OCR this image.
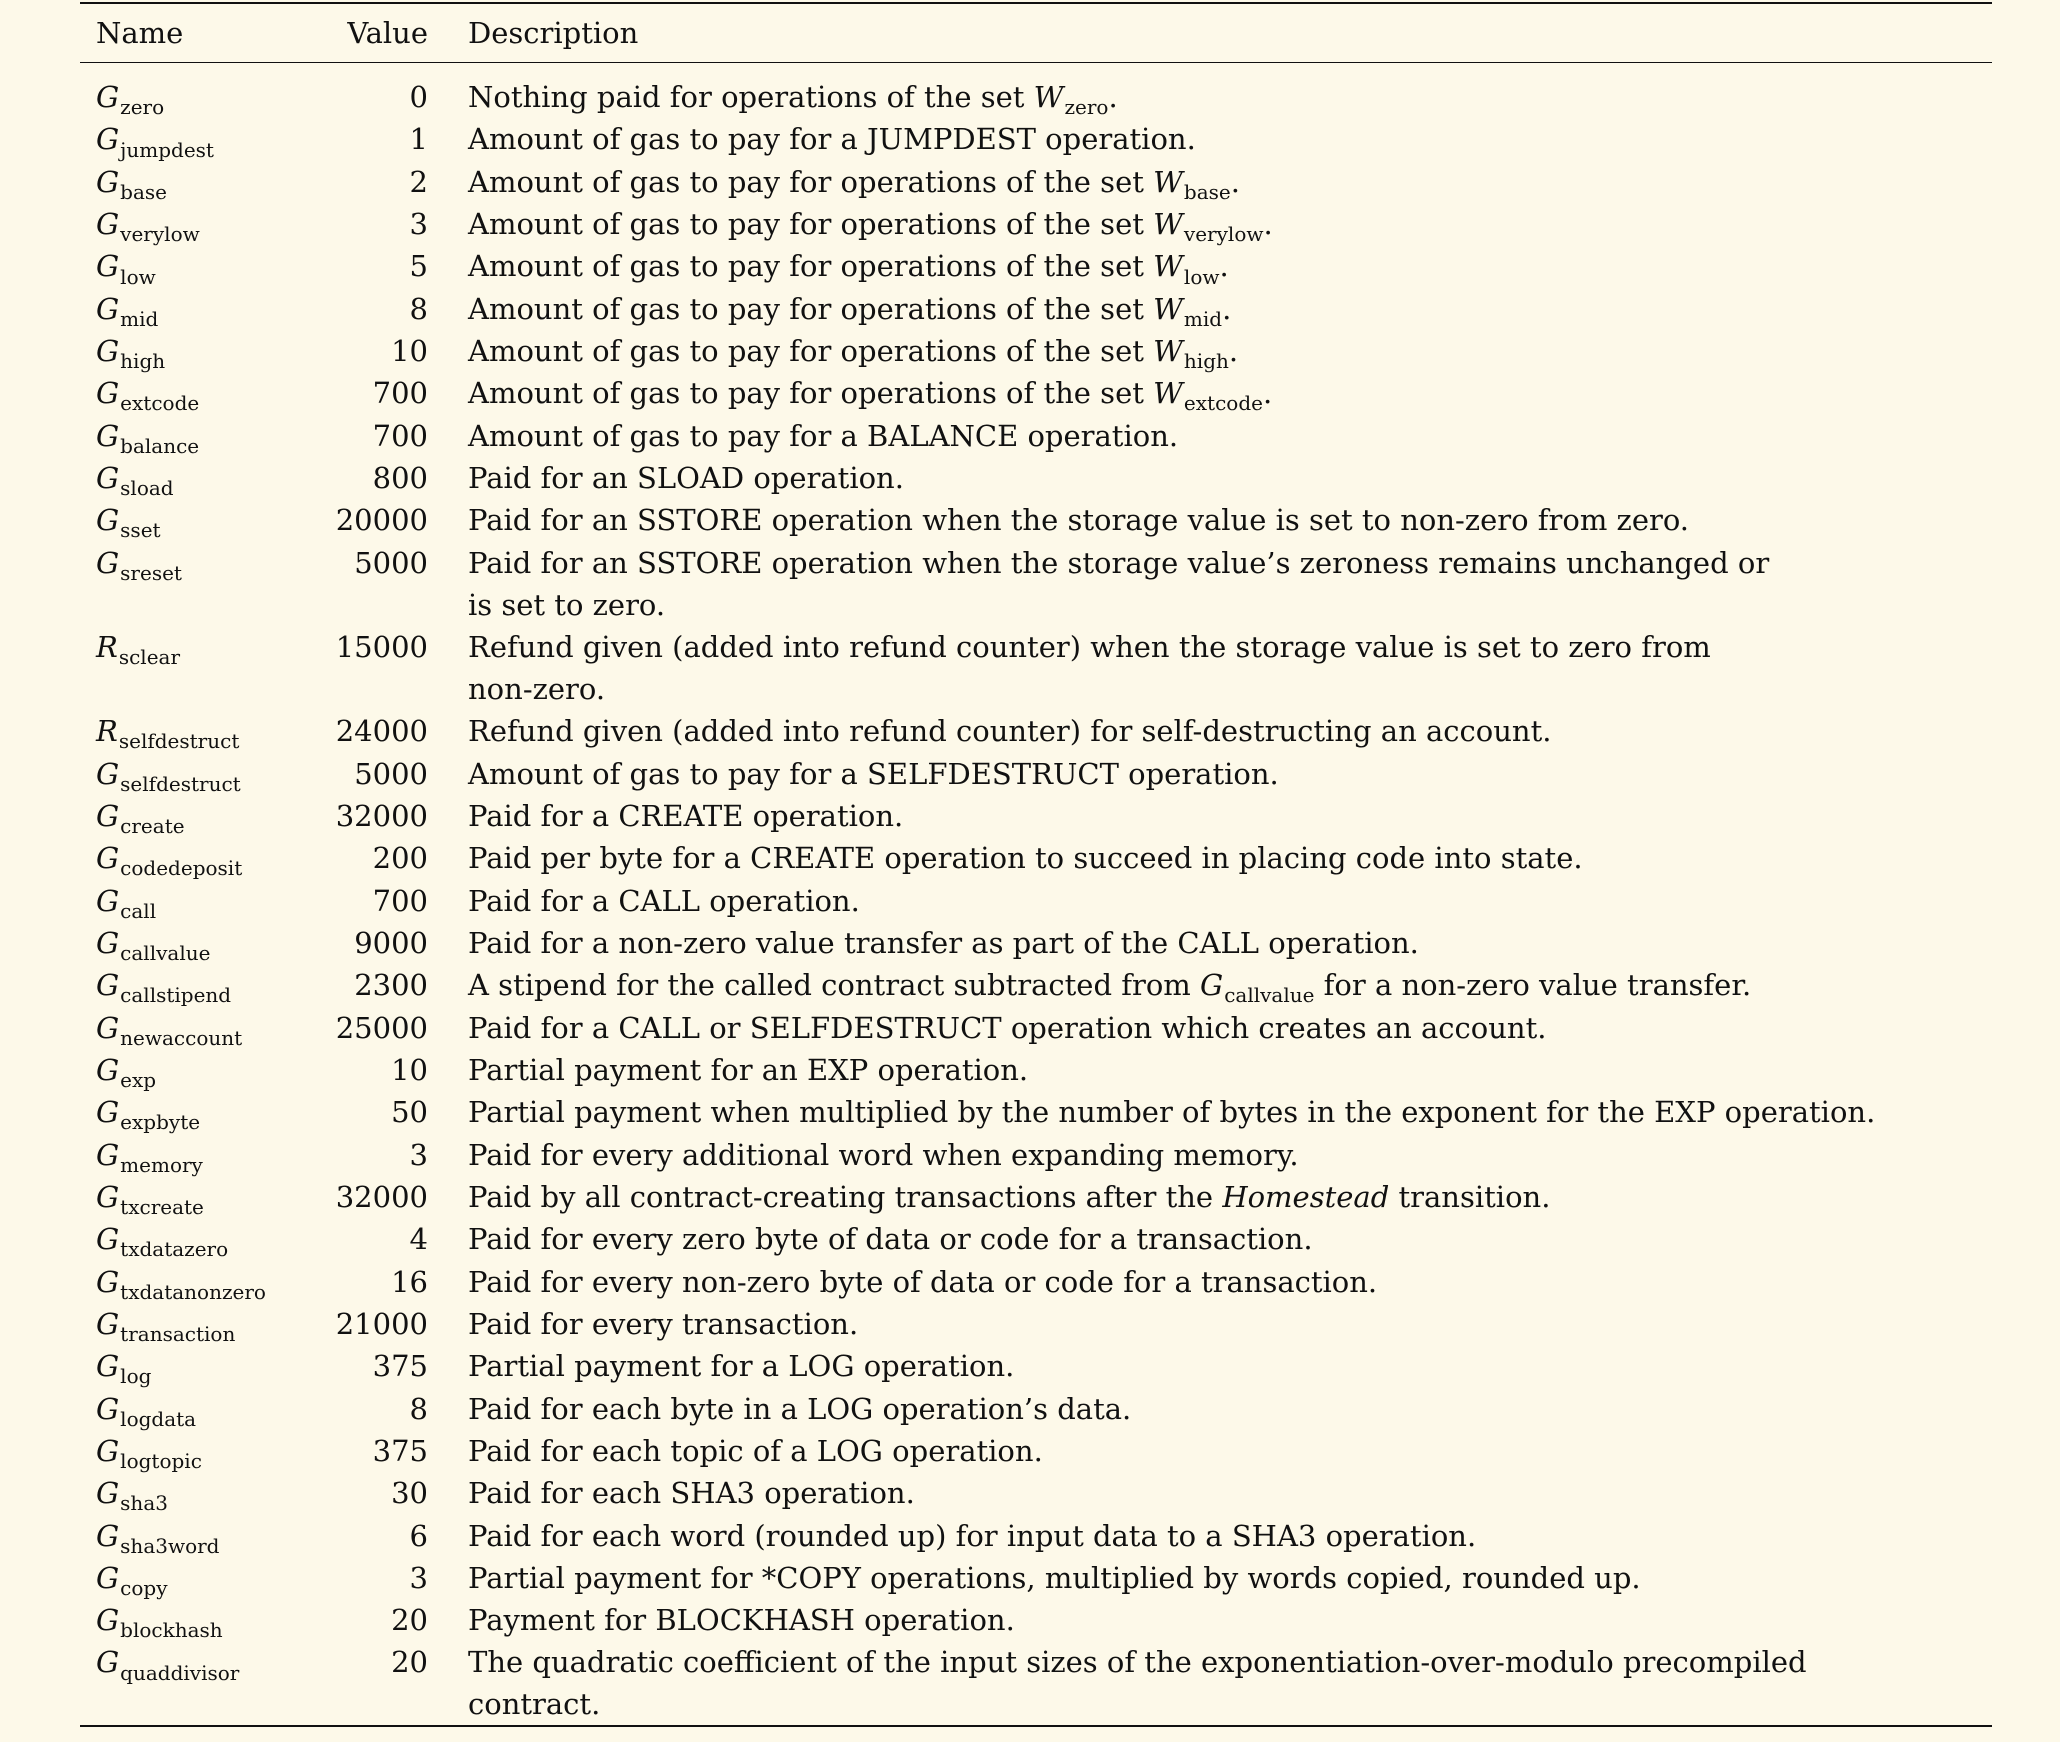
Name	Value Description
$G_{zero}$	0 Nothing paid for operations of the set $W_{zero}$.
$G_{jumpdest}$	1 Amount of gas to pay for a JUMPDEST operation.
$G_{base}$	2 Amount of gas to pay for operations of the set $W_{base}$.
$G_{verylow}$	3 Amount of gas to pay for operations of the set $W_{verylow}$.
$G_{low}$	5 Amount of gas to pay for operations of the set $W_{low}$.
$G_{mid}$	8 Amount of gas to pay for operations of the set $W_{mid}$.
$G_{high}$	10 Amount of gas to pay for operations of the set $W_{high}$.
$G_{extcode}$	700 Amount of gas to pay for operations of the set $W_{extcode}$.
$G_{balance}$	700 Amount of gas to pay for a BALANCE operation.
$G_{sload}$	800 Paid for an SLOAD operation.
$G_{sset}$	20000 Paid for an SSTORE operation when the storage value is set to non-zero from zero.
$G_{sreset}$	5000 Paid for an SSTORE operation when the storage value’s zeroness remains unchanged or
is set to zero.
$R_{sclear}$	15000 Refund given (added into refund counter) when the storage value is set to zero from
non-zero.
$R_{selfdestruct}$	24000 Refund given (added into refund counter) for self-destructing an account.
$G_{selfdestruct}$	5000 Amount of gas to pay for a SELFDESTRUCT operation.
$G_{create}$	32000 Paid for a CREATE operation.
$G_{codedeposit}$	200 Paid per byte for a CREATE operation to succeed in placing code into state.
$G_{call}$	700 Paid for a CALL operation.
$G_{callvalue}$	9000 Paid for a non-zero value transfer as part of the CALL operation.
$G_{callstipend}$	2300 A stipend for the called contract subtracted from $G_{callvalue}$ for a non-zero value transfer.
$G_{newaccount}$	25000 Paid for a CALL or SELFDESTRUCT operation which creates an account.
$G_{exp}$	10 Partial payment for an EXP operation.
$G_{expbyte}$	50 Partial payment when multiplied by the number of bytes in the exponent for the EXP operation.
$G_{memory}$	3 Paid for every additional word when expanding memory.
$G_{txcreate}$	32000 Paid by all contract-creating transactions after the Homestead transition.
$G_{txdatazero}$	4 Paid for every zero byte of data or code for a transaction.
$G_{txdatanonzero}$	16 Paid for every non-zero byte of data or code for a transaction.
$G_{transaction}$	21000 Paid for every transaction.
$G_{log}$	375 Partial payment for a LOG operation.
$G_{logdata}$	8 Paid for each byte in a LOG operation’s data.
$G_{logtopic}$	375 Paid for each topic of a LOG operation.
$G_{sha3}$	30 Paid for each SHA3 operation.
$G_{sha3word}$	6 Paid for each word (rounded up) for input data to a SHA3 operation.
$G_{copy}$	3 Partial payment for *COPY operations, multiplied by words copied, rounded up.
$G_{blockhash}$	20 Payment for BLOCKHASH operation.
$G_{quaddivisor}$	20 The quadratic coefficient of the input sizes of the exponentiation-over-modulo precompiled
contract.
